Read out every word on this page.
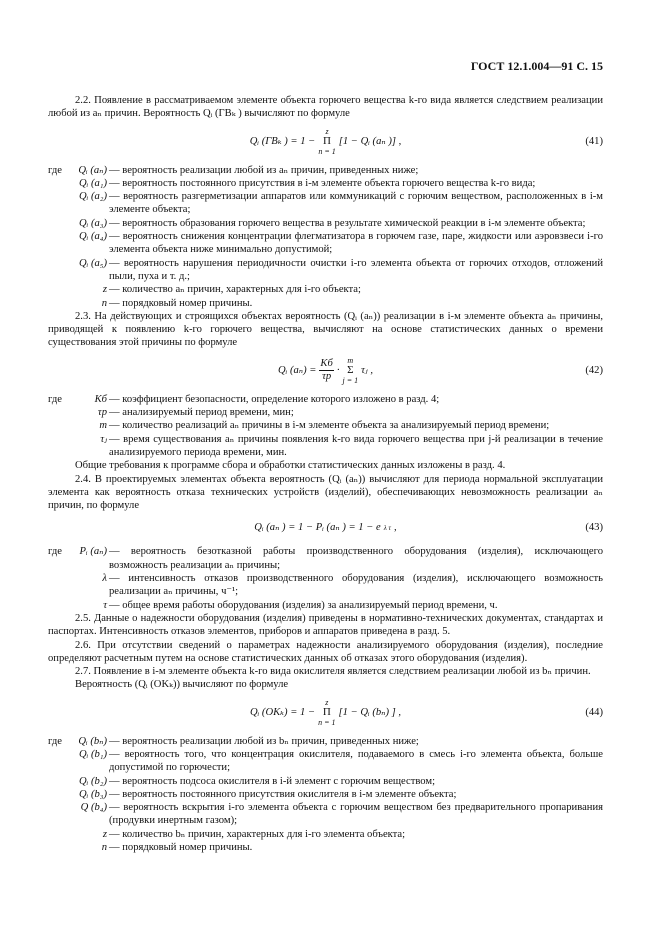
ГОСТ 12.1.004—91 С. 15

2.2. Появление в рассматриваемом элементе объекта горючего вещества k-го вида является следствием реализации любой из aₙ причин. Вероятность Qᵢ (ГВₖ ) вычисляют по формуле

Qᵢ (ГВₖ ) = 1 −
z
Π
n = 1
[1 − Qᵢ (aₙ )] ,	(41)
где Qᵢ (aₙ)	— вероятность реализации любой из aₙ причин, приведенных ниже;
Qᵢ (a₁)	— вероятность постоянного присутствия в i-м элементе объекта горючего вещества k-го вида;
Qᵢ (a₂)	— вероятность разгерметизации аппаратов или коммуникаций с горючим веществом, расположенных в i-м элементе объекта;
Qᵢ (a₃)	— вероятность образования горючего вещества в результате химической реакции в i-м элементе объекта;
Qᵢ (a₄)	— вероятность снижения концентрации флегматизатора в горючем газе, паре, жидкости или аэровзвеси i-го элемента объекта ниже минимально допустимой;
Qᵢ (a₅)	— вероятность нарушения периодичности очистки i-го элемента объекта от горючих отходов, отложений пыли, пуха и т. д.;
z	— количество aₙ причин, характерных для i-го объекта;
n	— порядковый номер причины.

2.3. На действующих и строящихся объектах вероятность (Qᵢ (aₙ)) реализации в i-м элементе объекта aₙ причины, приводящей к появлению k-го горючего вещества, вычисляют на основе статистических данных о времени существования этой причины по формуле

Qᵢ $(a_n) = \frac{Kб}{\tau р}$ ·
m
Σ
j = 1
τⱼ ,	(42)
где	Kб	— коэффициент безопасности, определение которого изложено в разд. 4;
τр	— анализируемый период времени, мин;
m	— количество реализаций aₙ причины в i-м элементе объекта за анализируемый период времени;
τⱼ	— время существования aₙ причины появления k-го вида горючего вещества при j-й реализации в течение анализируемого периода времени, мин.

Общие требования к программе сбора и обработки статистических данных изложены в разд. 4.

2.4. В проектируемых элементах объекта вероятность (Qᵢ (aₙ)) вычисляют для периода нормальной эксплуатации элемента как вероятность отказа технических устройств (изделий), обеспечивающих невозможность реализации aₙ причин, по формуле

Qᵢ (aₙ ) = 1 − Pᵢ (aₙ ) = 1 − e λ τ ,	(43)
где Pᵢ (aₙ)	— вероятность безотказной работы производственного оборудования (изделия), исключающего возможность реализации aₙ причины;
λ	— интенсивность отказов производственного оборудования (изделия), исключающего возможность реализации aₙ причины, ч⁻¹;
τ	— общее время работы оборудования (изделия) за анализируемый период времени, ч.

2.5. Данные о надежности оборудования (изделия) приведены в нормативно-технических документах, стандартах и паспортах. Интенсивность отказов элементов, приборов и аппаратов приведена в разд. 5.

2.6. При отсутствии сведений о параметрах надежности анализируемого оборудования (изделия), последние определяют расчетным путем на основе статистических данных об отказах этого оборудования (изделия).

2.7. Появление в i-м элементе объекта k-го вида окислителя является следствием реализации любой из bₙ причин.

Вероятность (Qᵢ (OKₖ)) вычисляют по формуле

Qᵢ (OKₖ) = 1 −
z
Π
n = 1
[1 − Qᵢ (bₙ) ] ,	(44)
где Qᵢ (bₙ)	— вероятность реализации любой из bₙ причин, приведенных ниже;
Qᵢ (b₁)	— вероятность того, что концентрация окислителя, подаваемого в смесь i-го элемента объекта, больше допустимой по горючести;
Qᵢ (b₂)	— вероятность подсоса окислителя в i-й элемент с горючим веществом;
Qᵢ (b₃)	— вероятность постоянного присутствия окислителя в i-м элементе объекта;
Q (b₄)	— вероятность вскрытия i-го элемента объекта с горючим веществом без предварительного пропаривания (продувки инертным газом);
z	— количество bₙ причин, характерных для i-го элемента объекта;
n	— порядковый номер причины.
